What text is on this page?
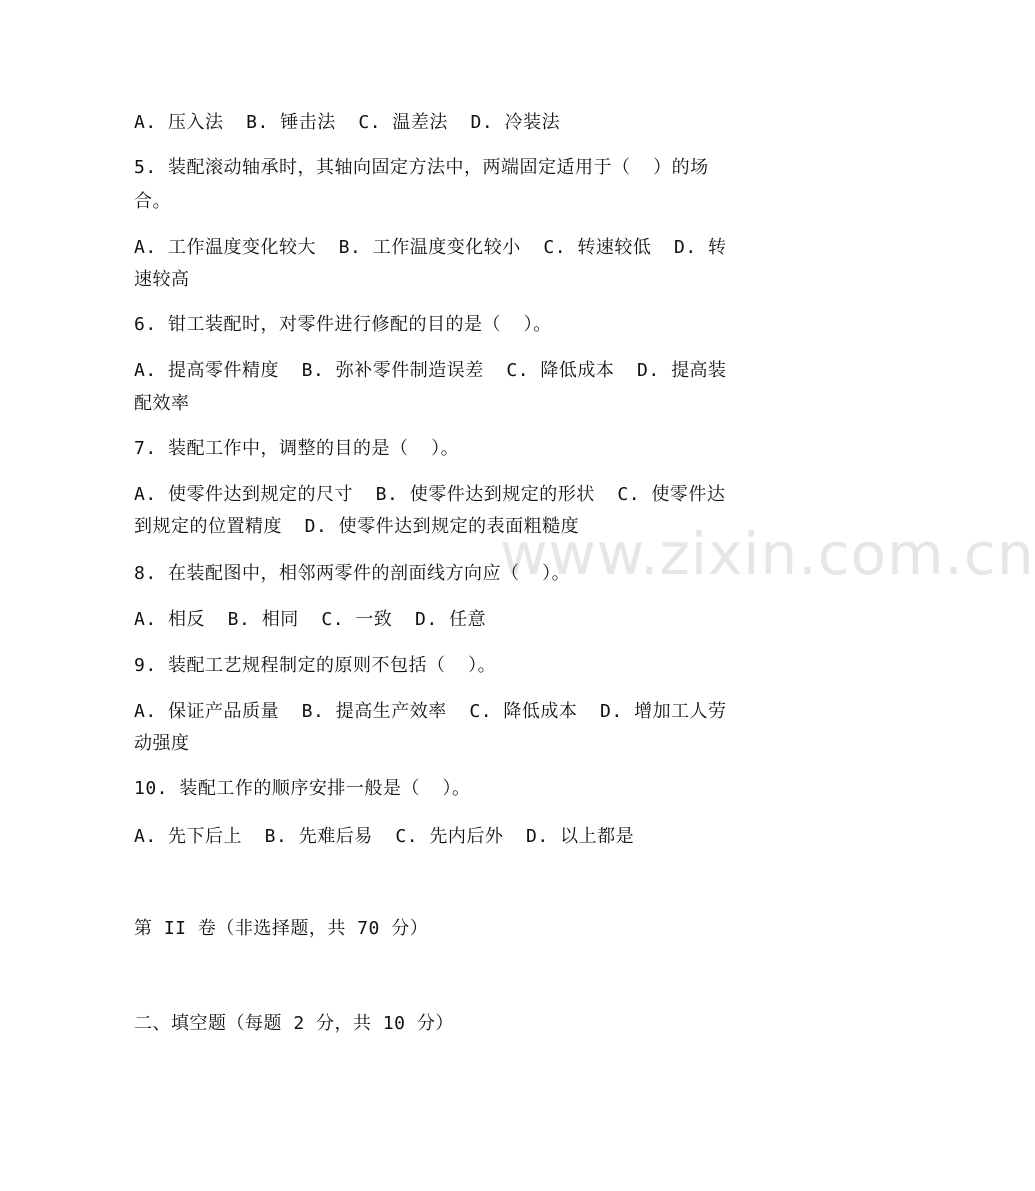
www.zixin.com.cn
A. 压入法  B. 锤击法  C. 温差法  D. 冷装法
5. 装配滚动轴承时，其轴向固定方法中，两端固定适用于（  ）的场
合。
A. 工作温度变化较大  B. 工作温度变化较小  C. 转速较低  D. 转
速较高
6. 钳工装配时，对零件进行修配的目的是（  ）。
A. 提高零件精度  B. 弥补零件制造误差  C. 降低成本  D. 提高装
配效率
7. 装配工作中，调整的目的是（  ）。
A. 使零件达到规定的尺寸  B. 使零件达到规定的形状  C. 使零件达
到规定的位置精度  D. 使零件达到规定的表面粗糙度
8. 在装配图中，相邻两零件的剖面线方向应（  ）。
A. 相反  B. 相同  C. 一致  D. 任意
9. 装配工艺规程制定的原则不包括（  ）。
A. 保证产品质量  B. 提高生产效率  C. 降低成本  D. 增加工人劳
动强度
10. 装配工作的顺序安排一般是（  ）。
A. 先下后上  B. 先难后易  C. 先内后外  D. 以上都是
第 II 卷（非选择题，共 70 分）
二、填空题（每题 2 分，共 10 分）
